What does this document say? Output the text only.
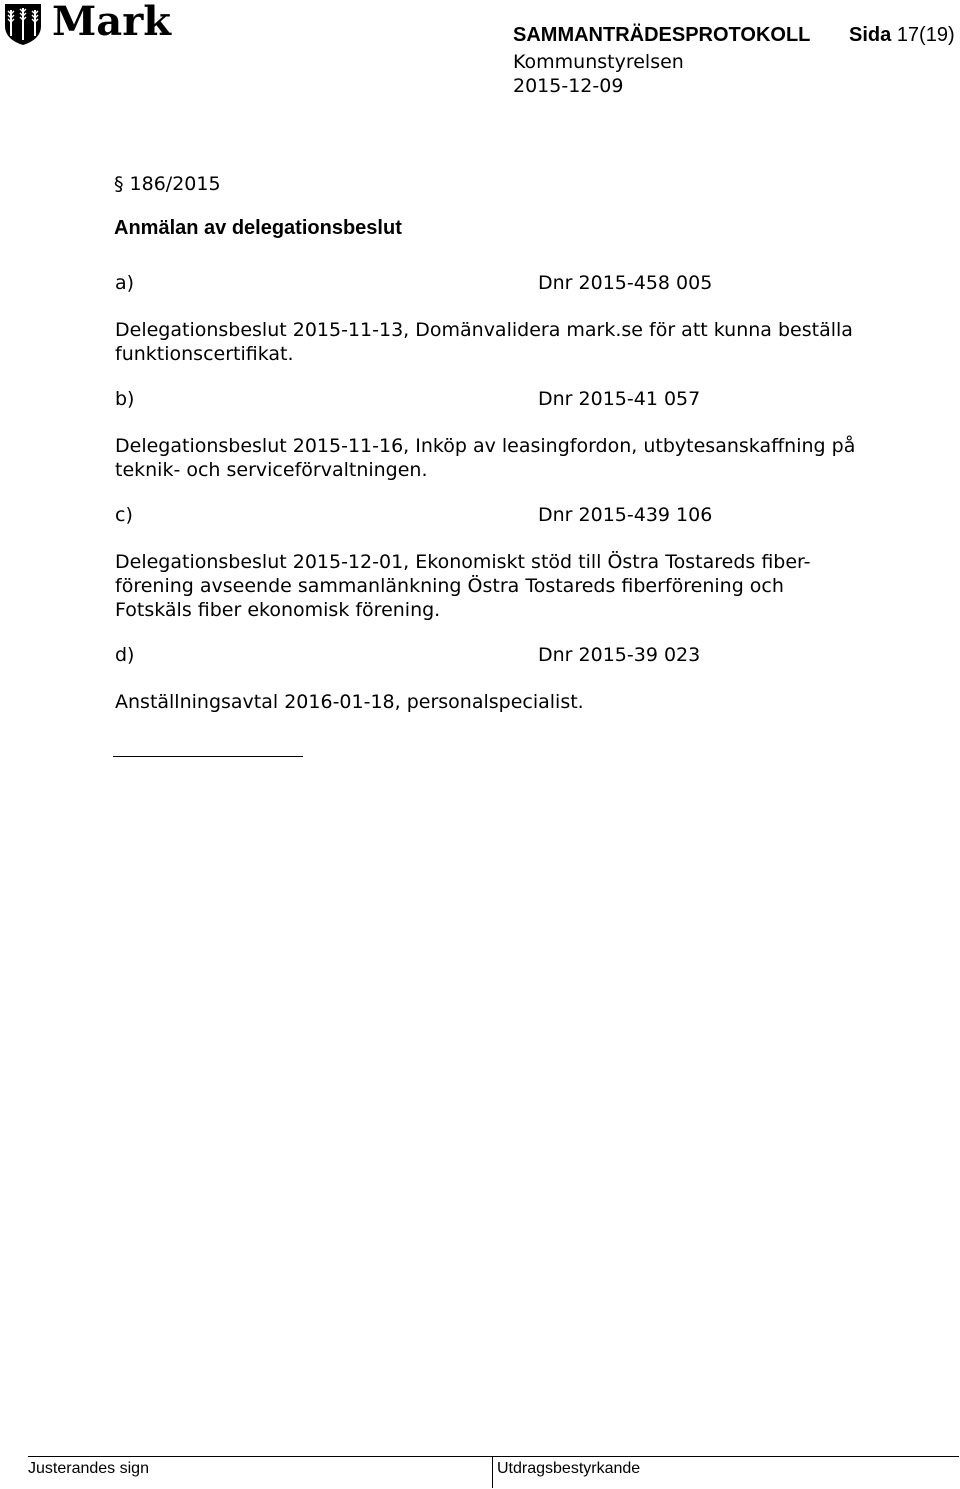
Mark	SAMMANTRÄDESPROTOKOLL Sida 17(19)
Kommunstyrelsen
2015-12-09
§ 186/2015
Anmälan av delegationsbeslut
a)	Dnr 2015-458 005
Delegationsbeslut 2015-11-13, Domänvalidera mark.se för att kunna beställa
funktionscertifikat.
b)	Dnr 2015-41 057
Delegationsbeslut 2015-11-16, Inköp av leasingfordon, utbytesanskaffning på
teknik- och serviceförvaltningen.
c)	Dnr 2015-439 106
Delegationsbeslut 2015-12-01, Ekonomiskt stöd till Östra Tostareds fiber-
förening avseende sammanlänkning Östra Tostareds fiberförening och
Fotskäls fiber ekonomisk förening.
d)	Dnr 2015-39 023
Anställningsavtal 2016-01-18, personalspecialist.
Justerandes sign	Utdragsbestyrkande
